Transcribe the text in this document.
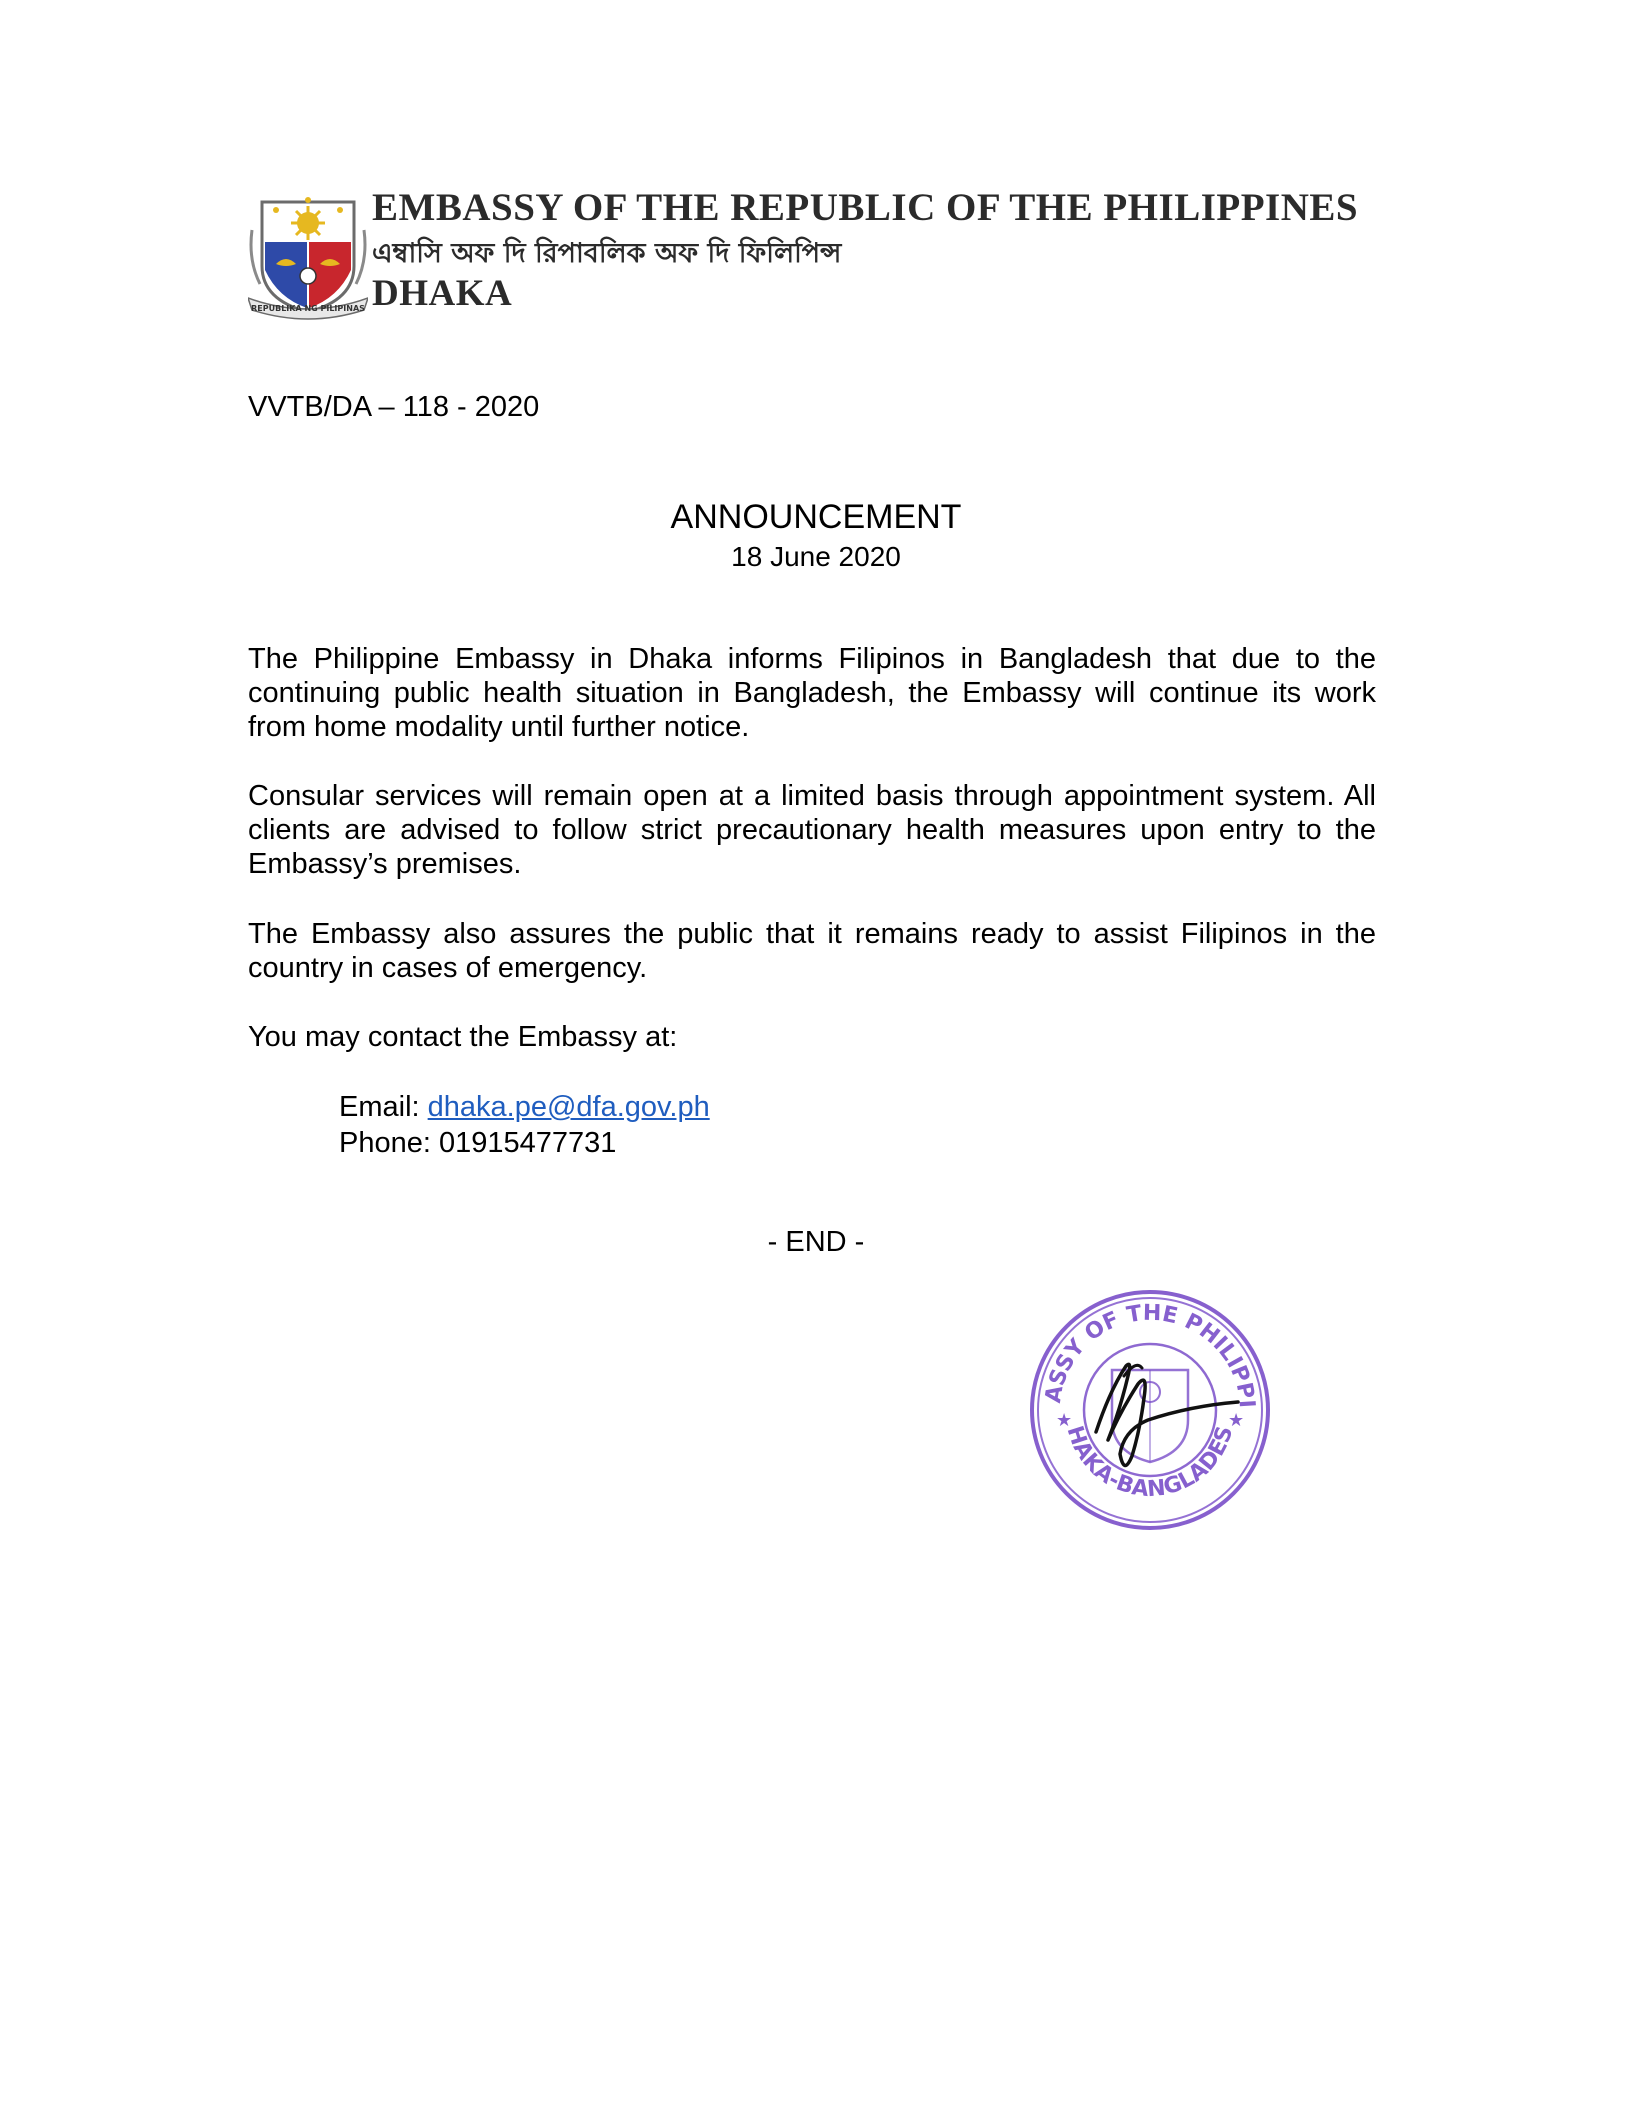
REPUBLIKA NG PILIPINAS
EMBASSY OF THE REPUBLIC OF THE PHILIPPINES
এম্বাসি অফ দি রিপাবলিক অফ দি ফিলিপিন্স
DHAKA
VVTB/DA – 118 - 2020
ANNOUNCEMENT
18 June 2020

The Philippine Embassy in Dhaka informs Filipinos in Bangladesh that due to the continuing public health situation in Bangladesh, the Embassy will continue its work from home modality until further notice.

Consular services will remain open at a limited basis through appointment system. All clients are advised to follow strict precautionary health measures upon entry to the Embassy’s premises.

The Embassy also assures the public that it remains ready to assist Filipinos in the country in cases of emergency.

You may contact the Embassy at:

Email: dhaka.pe@dfa.gov.ph
Phone: 01915477731
- END -
ASSY OF THE PHILIPPI
HAKA-BANGLADES
★	★
